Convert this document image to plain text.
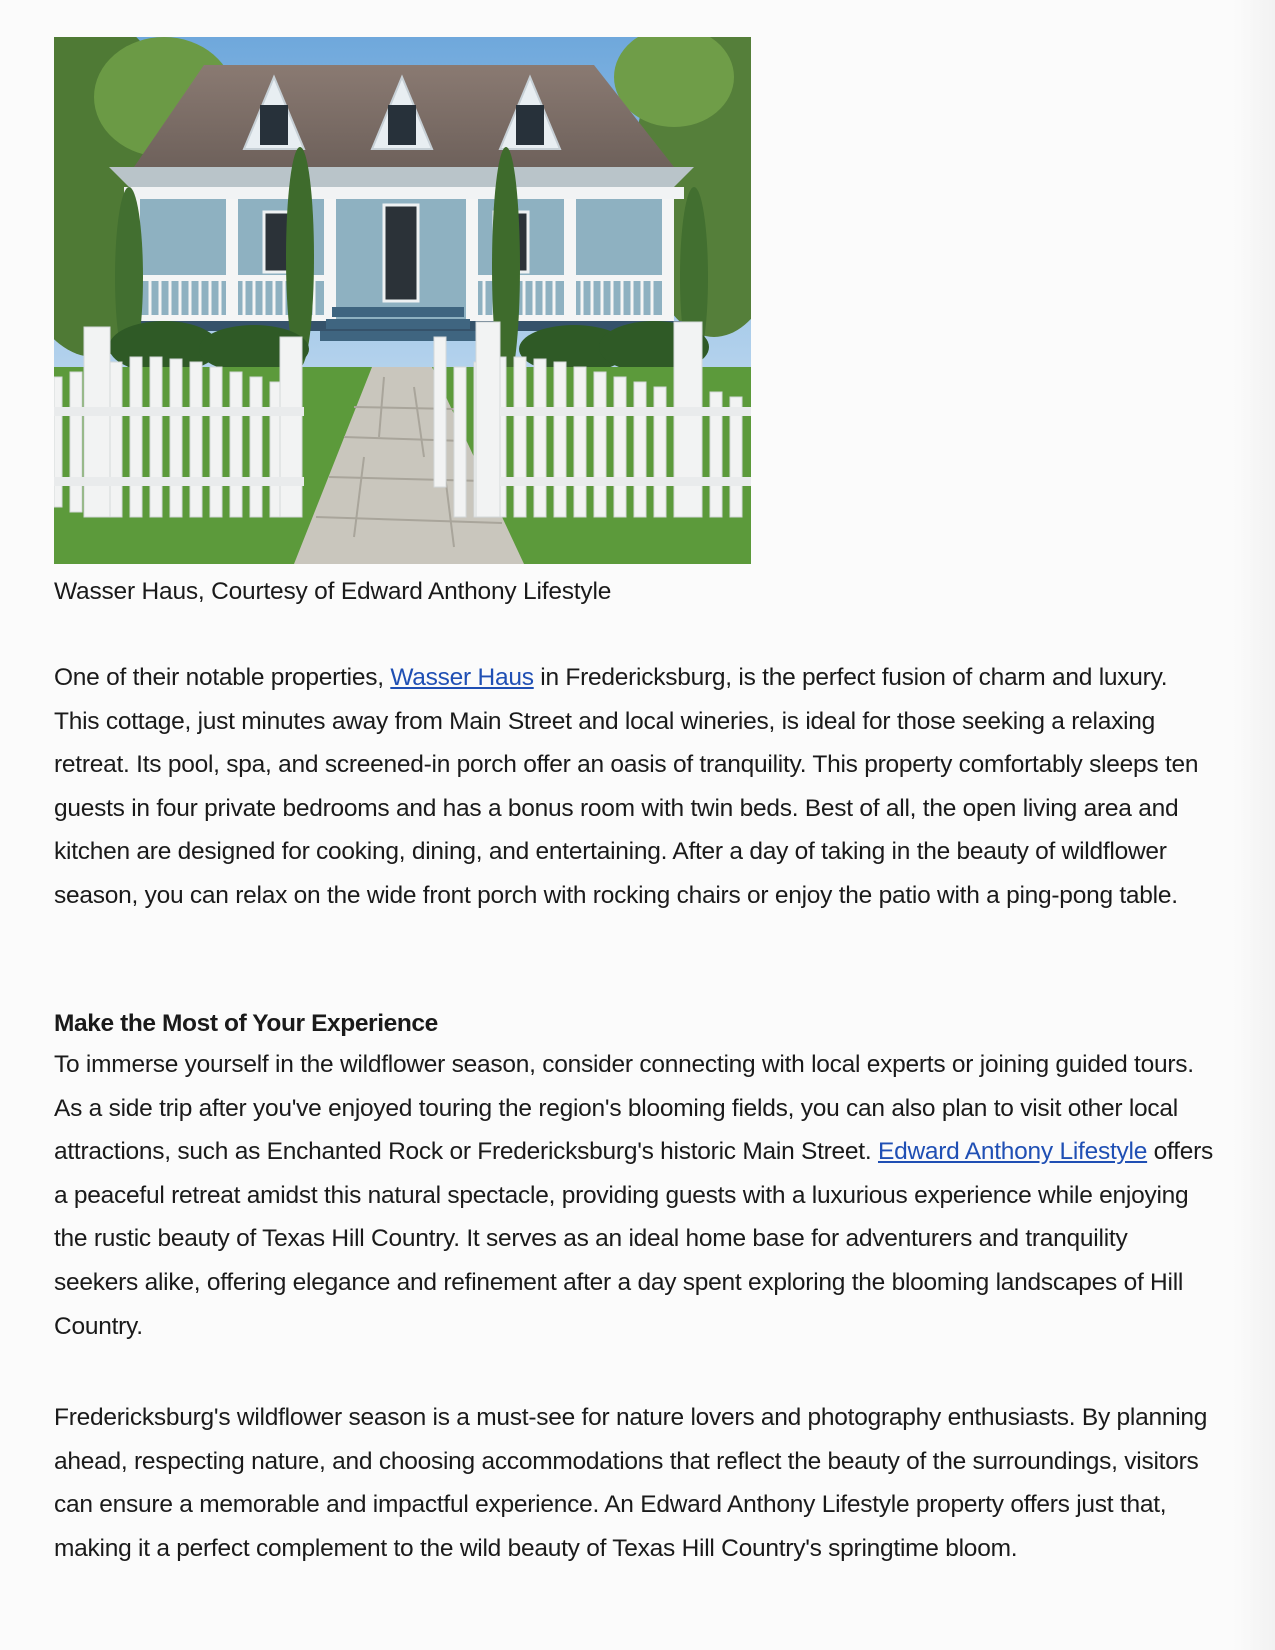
Wasser Haus, Courtesy of Edward Anthony Lifestyle

One of their notable properties, Wasser Haus in Fredericksburg, is the perfect fusion of charm and luxury. This cottage, just minutes away from Main Street and local wineries, is ideal for those seeking a relaxing retreat. Its pool, spa, and screened-in porch offer an oasis of tranquility. This property comfortably sleeps ten guests in four private bedrooms and has a bonus room with twin beds. Best of all, the open living area and kitchen are designed for cooking, dining, and entertaining. After a day of taking in the beauty of wildflower season, you can relax on the wide front porch with rocking chairs or enjoy the patio with a ping-pong table.

Make the Most of Your Experience

To immerse yourself in the wildflower season, consider connecting with local experts or joining guided tours. As a side trip after you've enjoyed touring the region's blooming fields, you can also plan to visit other local attractions, such as Enchanted Rock or Fredericksburg's historic Main Street. Edward Anthony Lifestyle offers a peaceful retreat amidst this natural spectacle, providing guests with a luxurious experience while enjoying the rustic beauty of Texas Hill Country. It serves as an ideal home base for adventurers and tranquility seekers alike, offering elegance and refinement after a day spent exploring the blooming landscapes of Hill Country.

Fredericksburg's wildflower season is a must-see for nature lovers and photography enthusiasts. By planning ahead, respecting nature, and choosing accommodations that reflect the beauty of the surroundings, visitors can ensure a memorable and impactful experience. An Edward Anthony Lifestyle property offers just that, making it a perfect complement to the wild beauty of Texas Hill Country's springtime bloom.
